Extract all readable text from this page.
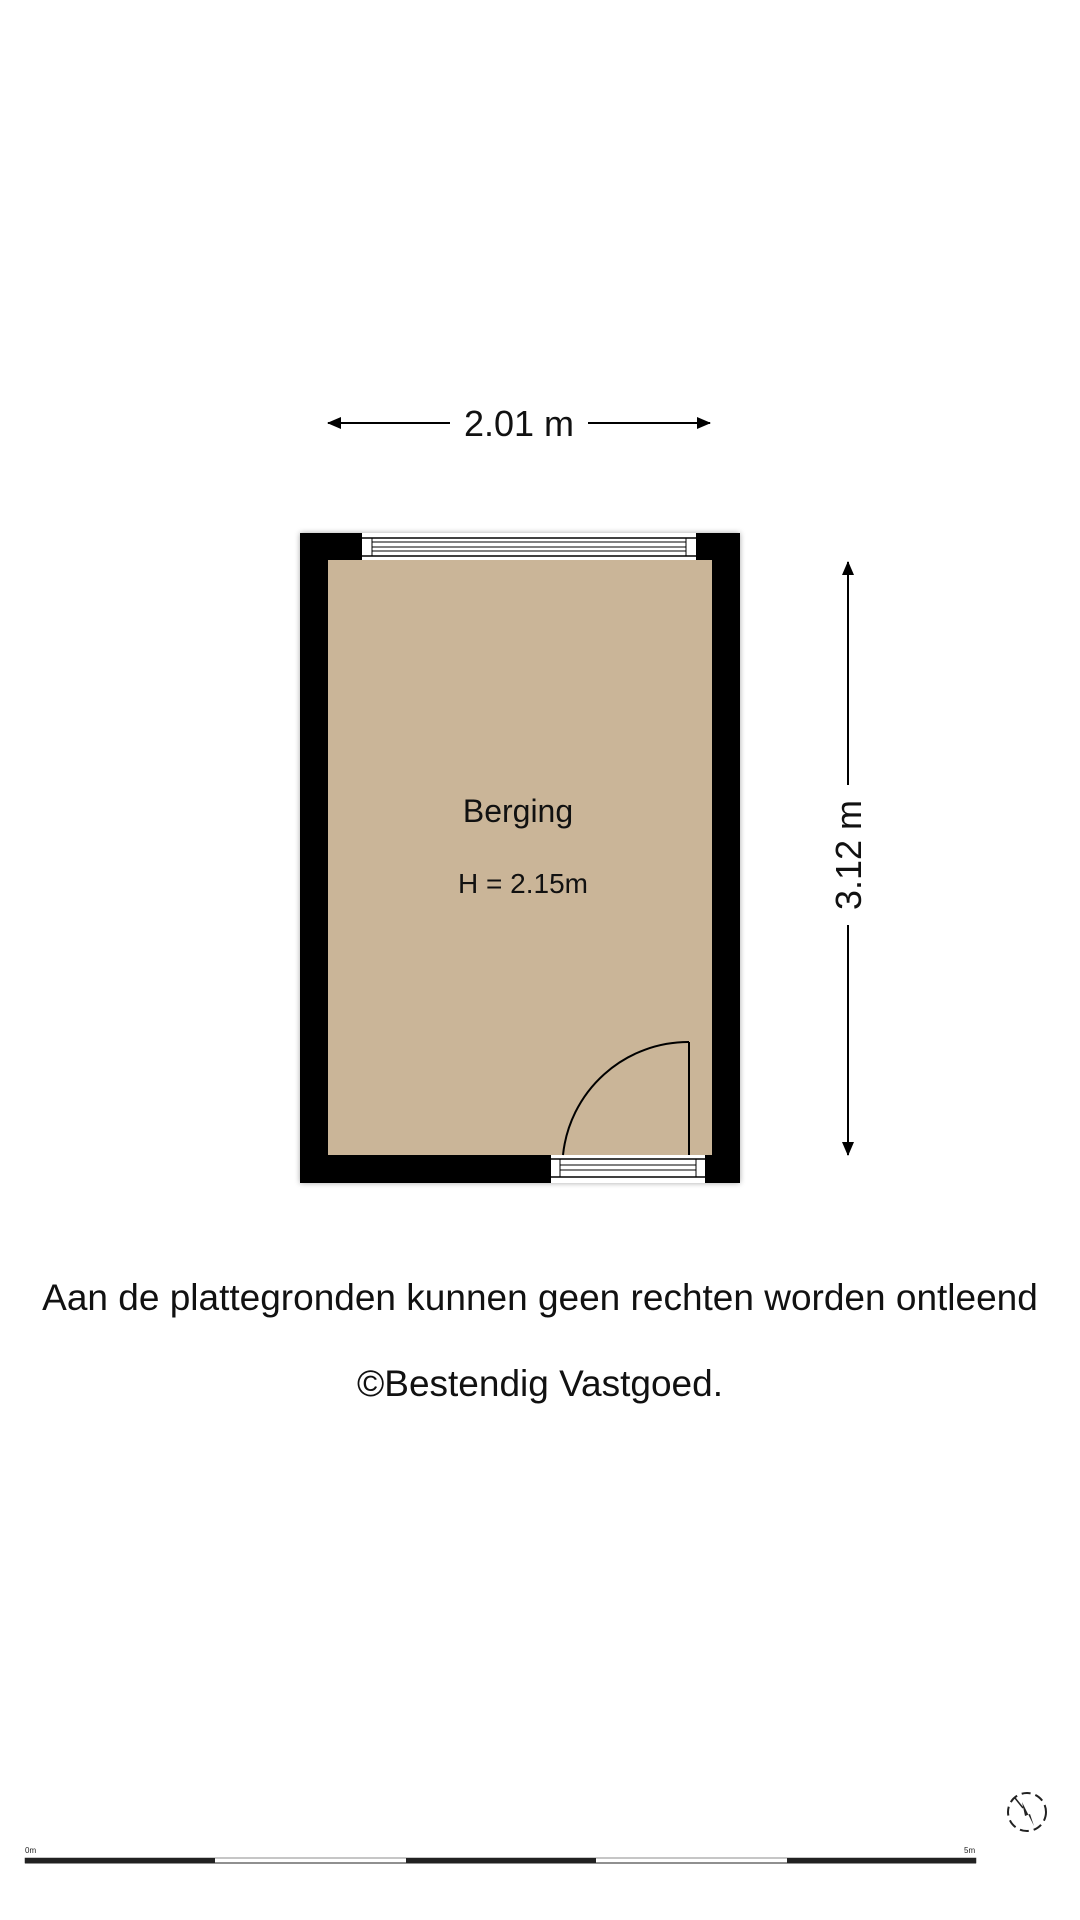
2.01 m
3.12 m
Berging
H = 2.15m
0m	5m
Aan de plattegronden kunnen geen rechten worden ontleend
©Bestendig Vastgoed.
